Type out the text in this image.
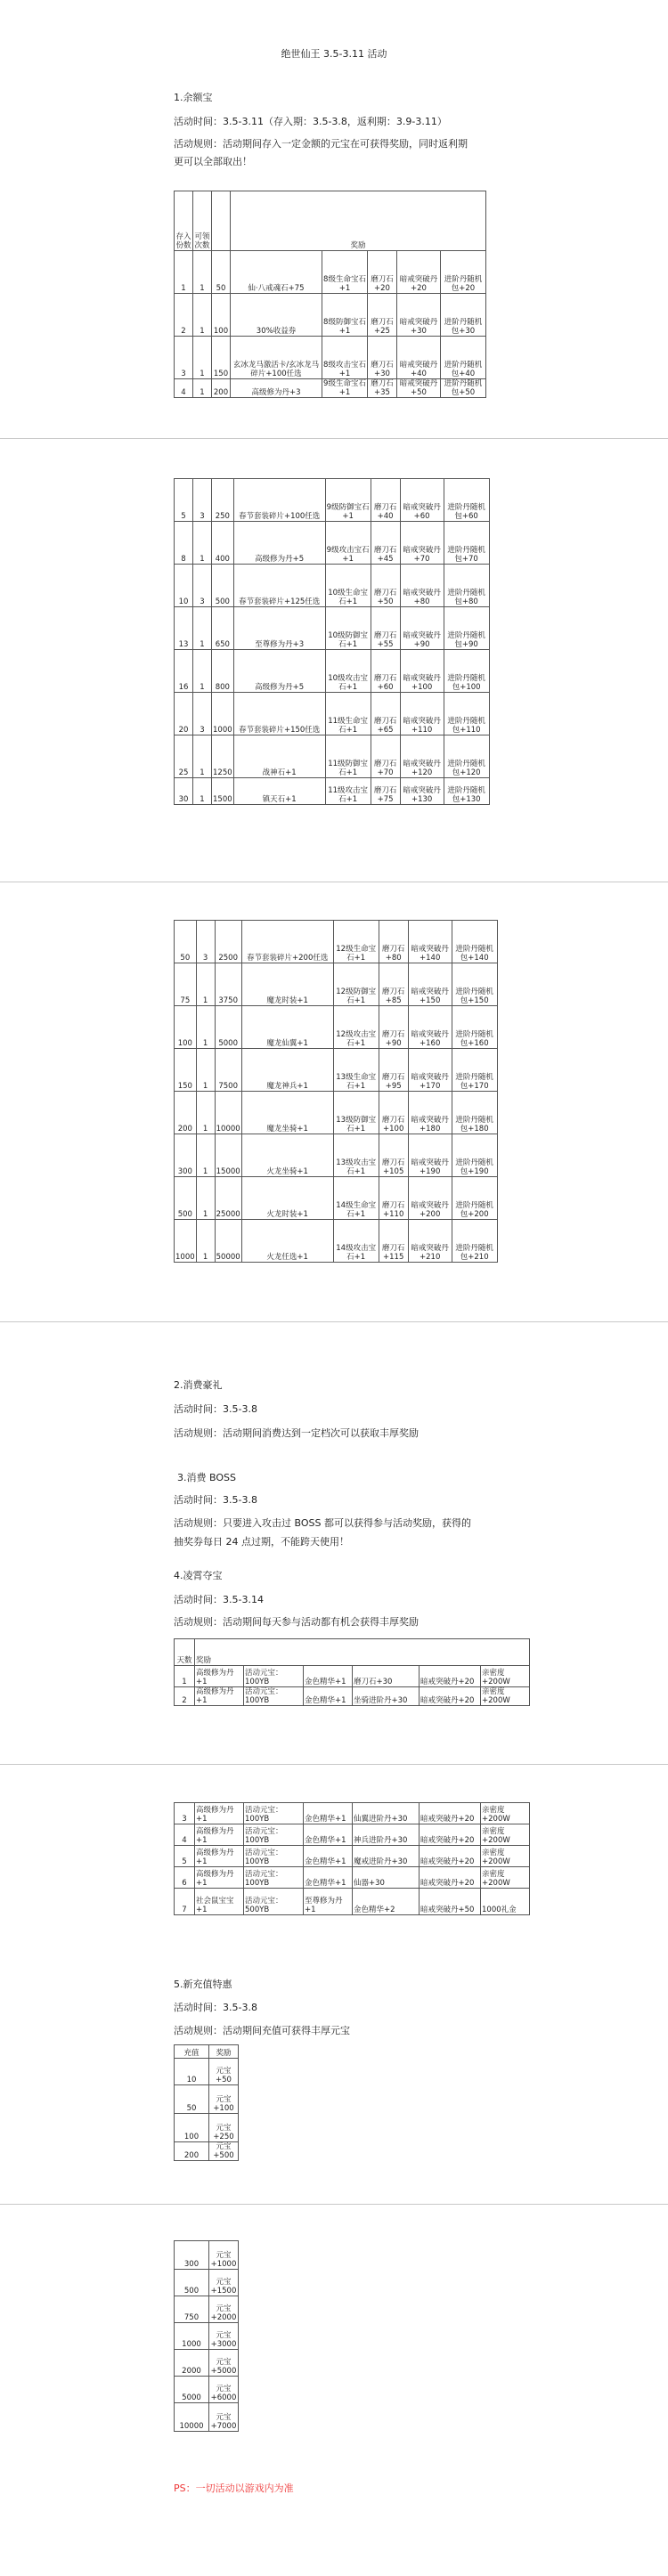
绝世仙王 3.5-3.11 活动
1.余额宝
活动时间：3.5-3.11（存入期：3.5-3.8，返利期：3.9-3.11）
活动规则：活动期间存入一定金额的元宝在可获得奖励，同时返利期
更可以全部取出！
存入份数	可领次数		奖励				
1	1	50	仙·八戒魂石+75	8级生命宝石+1	磨刀石+20	暗戒突破丹+20	进阶丹随机包+20
2	1	100	30%收益券	8级防御宝石+1	磨刀石+25	暗戒突破丹+30	进阶丹随机包+30
3	1	150	玄冰龙马激活卡/玄冰龙马碎片+100任选	8级攻击宝石+1	磨刀石+30	暗戒突破丹+40	进阶丹随机包+40
4	1	200	高级修为丹+3	9级生命宝石+1	磨刀石+35	暗戒突破丹+50	进阶丹随机包+50
5	3	250	春节套装碎片+100任选	9级防御宝石+1	磨刀石+40	暗戒突破丹+60	进阶丹随机包+60
8	1	400	高级修为丹+5	9级攻击宝石+1	磨刀石+45	暗戒突破丹+70	进阶丹随机包+70
10	3	500	春节套装碎片+125任选	10级生命宝石+1	磨刀石+50	暗戒突破丹+80	进阶丹随机包+80
13	1	650	至尊修为丹+3	10级防御宝石+1	磨刀石+55	暗戒突破丹+90	进阶丹随机包+90
16	1	800	高级修为丹+5	10级攻击宝石+1	磨刀石+60	暗戒突破丹+100	进阶丹随机包+100
20	3	1000	春节套装碎片+150任选	11级生命宝石+1	磨刀石+65	暗戒突破丹+110	进阶丹随机包+110
25	1	1250	战神石+1	11级防御宝石+1	磨刀石+70	暗戒突破丹+120	进阶丹随机包+120
30	1	1500	镇天石+1	11级攻击宝石+1	磨刀石+75	暗戒突破丹+130	进阶丹随机包+130
50	3	2500	春节套装碎片+200任选	12级生命宝石+1	磨刀石+80	暗戒突破丹+140	进阶丹随机包+140
75	1	3750	魔龙时装+1	12级防御宝石+1	磨刀石+85	暗戒突破丹+150	进阶丹随机包+150
100	1	5000	魔龙仙翼+1	12级攻击宝石+1	磨刀石+90	暗戒突破丹+160	进阶丹随机包+160
150	1	7500	魔龙神兵+1	13级生命宝石+1	磨刀石+95	暗戒突破丹+170	进阶丹随机包+170
200	1	10000	魔龙坐骑+1	13级防御宝石+1	磨刀石+100	暗戒突破丹+180	进阶丹随机包+180
300	1	15000	火龙坐骑+1	13级攻击宝石+1	磨刀石+105	暗戒突破丹+190	进阶丹随机包+190
500	1	25000	火龙时装+1	14级生命宝石+1	磨刀石+110	暗戒突破丹+200	进阶丹随机包+200
1000	1	50000	火龙任选+1	14级攻击宝石+1	磨刀石+115	暗戒突破丹+210	进阶丹随机包+210
2.消费豪礼
活动时间：3.5-3.8
活动规则：活动期间消费达到一定档次可以获取丰厚奖励
3.消费 BOSS
活动时间：3.5-3.8
活动规则：只要进入攻击过 BOSS 都可以获得参与活动奖励，获得的
抽奖券每日 24 点过期，不能跨天使用！
4.凌霄夺宝
活动时间：3.5-3.14
活动规则：活动期间每天参与活动都有机会获得丰厚奖励
天数	奖励					
1	高级修为丹+1	活动元宝：100YB	金色精华+1	磨刀石+30	暗戒突破丹+20	亲密度+200W
2	高级修为丹+1	活动元宝：100YB	金色精华+1	坐骑进阶丹+30	暗戒突破丹+20	亲密度+200W
3	高级修为丹+1	活动元宝：100YB	金色精华+1	仙翼进阶丹+30	暗戒突破丹+20	亲密度+200W
4	高级修为丹+1	活动元宝：100YB	金色精华+1	神兵进阶丹+30	暗戒突破丹+20	亲密度+200W
5	高级修为丹+1	活动元宝：100YB	金色精华+1	魔戒进阶丹+30	暗戒突破丹+20	亲密度+200W
6	高级修为丹+1	活动元宝：100YB	金色精华+1	仙器+30	暗戒突破丹+20	亲密度+200W
7	社会鼠宝宝+1	活动元宝：500YB	至尊修为丹+1	金色精华+2	暗戒突破丹+50	1000礼金
5.新充值特惠
活动时间：3.5-3.8
活动规则：活动期间充值可获得丰厚元宝
充值	奖励
10	元宝+50
50	元宝+100
100	元宝+250
200	元宝+500
300	元宝+1000
500	元宝+1500
750	元宝+2000
1000	元宝+3000
2000	元宝+5000
5000	元宝+6000
10000	元宝+7000
PS：一切活动以游戏内为准
